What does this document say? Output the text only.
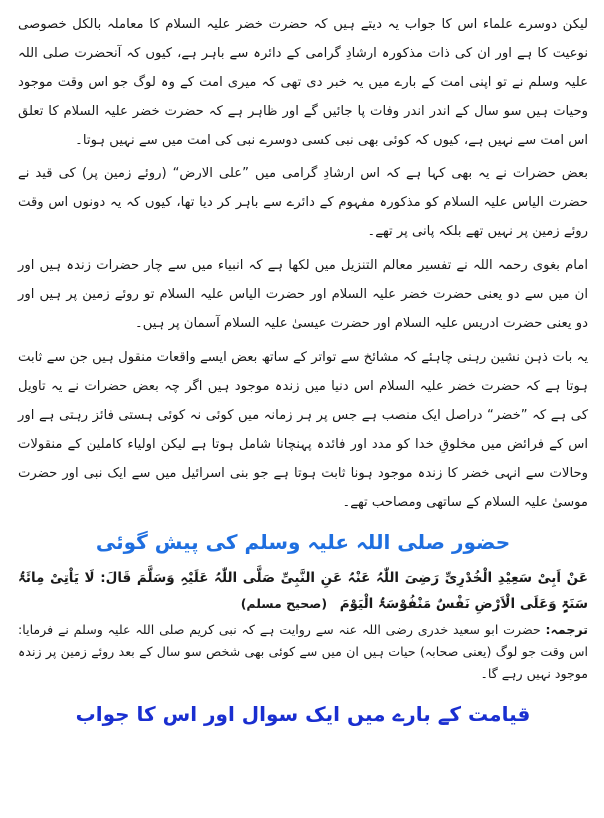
لیکن دوسرے علماء اس کا جواب یہ دیتے ہیں کہ حضرت خضر علیہ السلام کا معاملہ بالکل خصوصی نوعیت کا ہے اور ان کی ذات مذکورہ ارشادِ گرامی کے دائرہ سے باہر ہے، کیوں کہ آنحضرت صلی اللہ علیہ وسلم نے تو اپنی امت کے بارے میں یہ خبر دی تھی کہ میری امت کے وہ لوگ جو اس وقت موجود وحیات ہیں سو سال کے اندر اندر وفات پا جائیں گے اور ظاہر ہے کہ حضرت خضر علیہ السلام کا تعلق اس امت سے نہیں ہے، کیوں کہ کوئی بھی نبی کسی دوسرے نبی کی امت میں سے نہیں ہوتا۔

بعض حضرات نے یہ بھی کہا ہے کہ اس ارشادِ گرامی میں ”علی الارض“ (روئے زمین پر) کی قید نے حضرت الیاس علیہ السلام کو مذکورہ مفہوم کے دائرے سے باہر کر دیا تھا، کیوں کہ یہ دونوں اس وقت روئے زمین پر نہیں تھے بلکہ پانی پر تھے۔

امام بغوی رحمہ اللہ نے تفسیر معالم التنزیل میں لکھا ہے کہ انبیاء میں سے چار حضرات زندہ ہیں اور ان میں سے دو یعنی حضرت خضر علیہ السلام اور حضرت الیاس علیہ السلام تو روئے زمین پر ہیں اور دو یعنی حضرت ادریس علیہ السلام اور حضرت عیسیٰ علیہ السلام آسمان پر ہیں۔

یہ بات ذہن نشین رہنی چاہئے کہ مشائخ سے تواتر کے ساتھ بعض ایسے واقعات منقول ہیں جن سے ثابت ہوتا ہے کہ حضرت خضر علیہ السلام اس دنیا میں زندہ موجود ہیں اگر چہ بعض حضرات نے یہ تاویل کی ہے کہ ”خضر“ دراصل ایک منصب ہے جس پر ہر زمانہ میں کوئی نہ کوئی ہستی فائز رہتی ہے اور اس کے فرائض میں مخلوقِ خدا کو مدد اور فائدہ پہنچانا شامل ہوتا ہے لیکن اولیاء کاملین کے منقولات وحالات سے انہی خضر کا زندہ موجود ہونا ثابت ہوتا ہے جو بنی اسرائیل میں سے ایک نبی اور حضرت موسیٰ علیہ السلام کے ساتھی ومصاحب تھے۔

حضور صلی اللہ علیہ وسلم کی پیش گوئی

عَنْ اَبِیْ سَعِیْدِ الْخُدْرِیِّ رَضِیَ اللّٰہُ عَنْہُ عَنِ النَّبِیِّ صَلَّی اللّٰہُ عَلَیْہِ وَسَلَّمَ قَالَ: لَا یَاْتِیْ مِائَۃُ سَنَۃٍ وَعَلَی الْاَرْضِ نَفْسٌ مَنْفُوْسَۃُ الْیَوْمَ (صحیح مسلم)

ترجمہ: حضرت ابو سعید خدری رضی اللہ عنہ سے روایت ہے کہ نبی کریم صلی اللہ علیہ وسلم نے فرمایا: اس وقت جو لوگ (یعنی صحابہ) حیات ہیں ان میں سے کوئی بھی شخص سو سال کے بعد روئے زمین پر زندہ موجود نہیں رہے گا۔

قیامت کے بارے میں ایک سوال اور اس کا جواب
